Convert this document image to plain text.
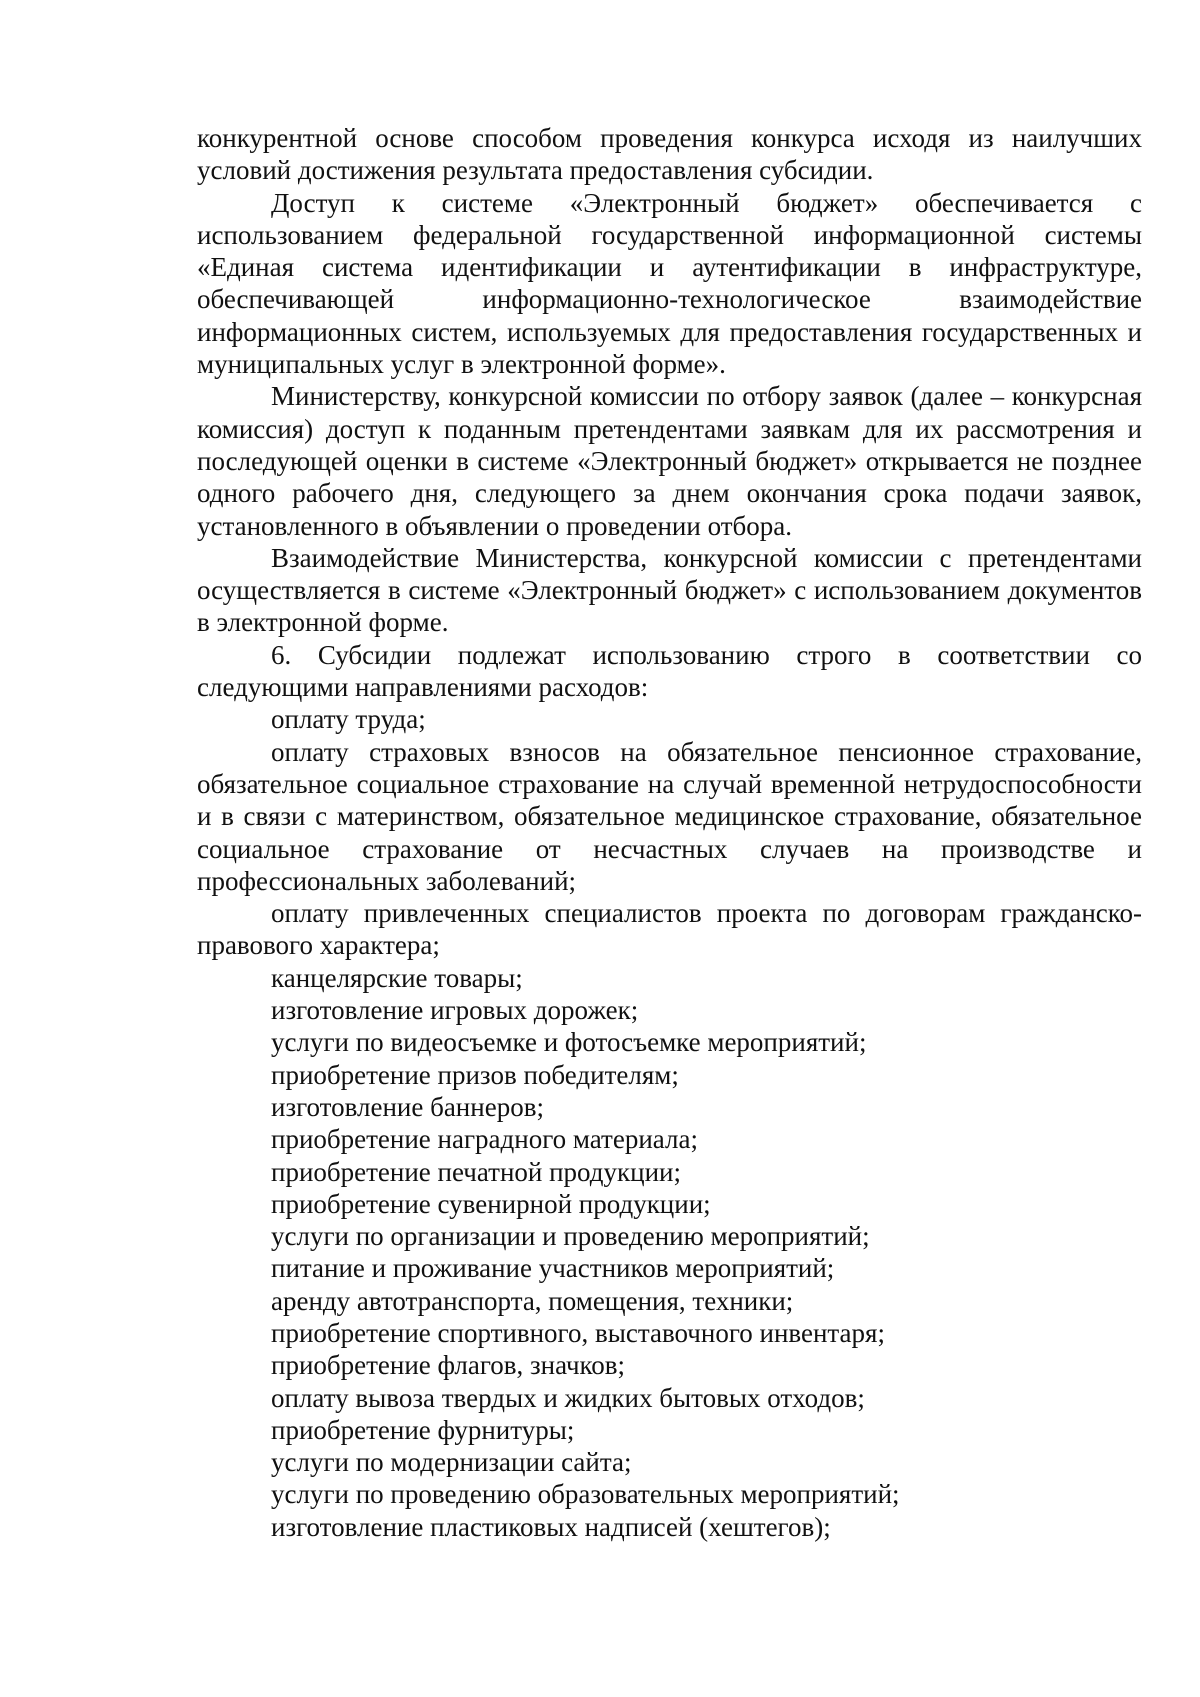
конкурентной основе способом проведения конкурса исходя из наилучших условий достижения результата предоставления субсидии.

Доступ к системе «Электронный бюджет» обеспечивается с использованием федеральной государственной информационной системы «Единая система идентификации и аутентификации в инфраструктуре, обеспечивающей информационно-технологическое взаимодействие информационных систем, используемых для предоставления государственных и муниципальных услуг в электронной форме».

Министерству, конкурсной комиссии по отбору заявок (далее – конкурсная комиссия) доступ к поданным претендентами заявкам для их рассмотрения и последующей оценки в системе «Электронный бюджет» открывается не позднее одного рабочего дня, следующего за днем окончания срока подачи заявок, установленного в объявлении о проведении отбора.

Взаимодействие Министерства, конкурсной комиссии с претендентами осуществляется в системе «Электронный бюджет» с использованием документов в электронной форме.

6. Субсидии подлежат использованию строго в соответствии со следующими направлениями расходов:

оплату труда;

оплату страховых взносов на обязательное пенсионное страхование, обязательное социальное страхование на случай временной нетрудоспособности и в связи с материнством, обязательное медицинское страхование, обязательное социальное страхование от несчастных случаев на производстве и профессиональных заболеваний;

оплату привлеченных специалистов проекта по договорам гражданско-правового характера;

канцелярские товары;

изготовление игровых дорожек;

услуги по видеосъемке и фотосъемке мероприятий;

приобретение призов победителям;

изготовление баннеров;

приобретение наградного материала;

приобретение печатной продукции;

приобретение сувенирной продукции;

услуги по организации и проведению мероприятий;

питание и проживание участников мероприятий;

аренду автотранспорта, помещения, техники;

приобретение спортивного, выставочного инвентаря;

приобретение флагов, значков;

оплату вывоза твердых и жидких бытовых отходов;

приобретение фурнитуры;

услуги по модернизации сайта;

услуги по проведению образовательных мероприятий;

изготовление пластиковых надписей (хештегов);
